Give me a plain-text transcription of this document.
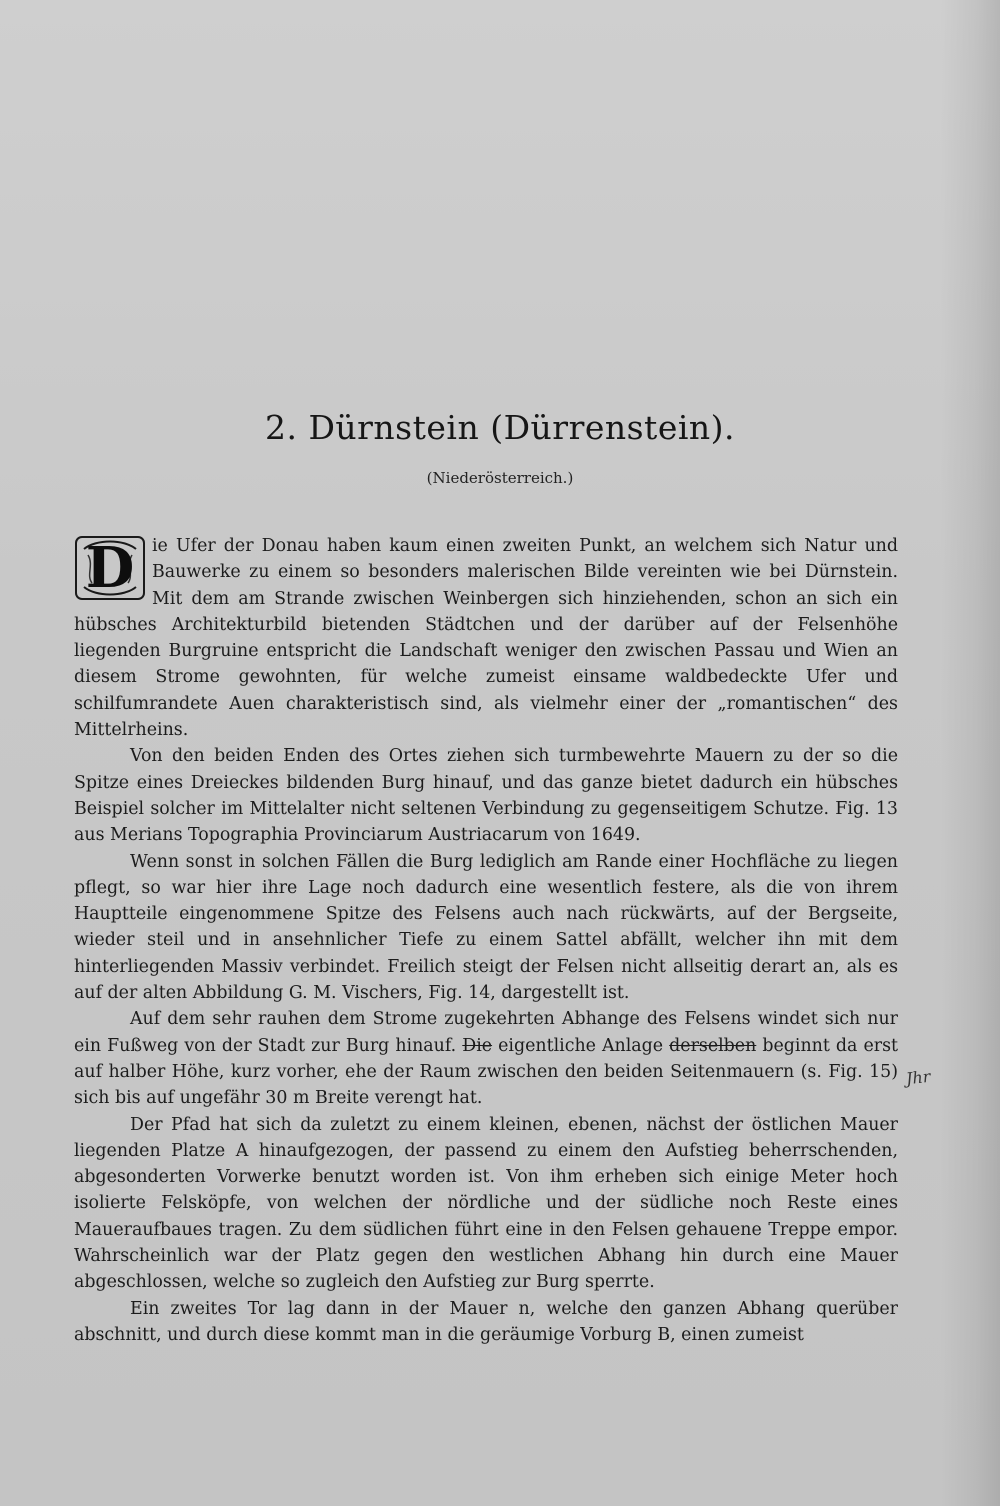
2. Dürnstein (Dürrenstein).
(Niederösterreich.)

D	ie Ufer der Donau haben kaum einen zweiten Punkt, an welchem sich Natur und Bauwerke zu einem so besonders malerischen Bilde vereinten wie bei Dürnstein. Mit dem am Strande zwischen Weinbergen sich hinziehenden, schon an sich ein hübsches Architekturbild bietenden Städtchen und der darüber auf der Felsenhöhe liegenden Burgruine entspricht die Landschaft weniger den zwischen Passau und Wien an diesem Strome gewohnten, für welche zumeist einsame waldbedeckte Ufer und schilfumrandete Auen charakteristisch sind, als vielmehr einer der „romantischen“ des Mittelrheins.

Von den beiden Enden des Ortes ziehen sich turmbewehrte Mauern zu der so die Spitze eines Dreieckes bildenden Burg hinauf, und das ganze bietet dadurch ein hübsches Beispiel solcher im Mittelalter nicht seltenen Verbindung zu gegenseitigem Schutze. Fig. 13 aus Merians Topographia Provinciarum Austriacarum von 1649.

Wenn sonst in solchen Fällen die Burg lediglich am Rande einer Hochfläche zu liegen pflegt, so war hier ihre Lage noch dadurch eine wesentlich festere, als die von ihrem Hauptteile eingenommene Spitze des Felsens auch nach rückwärts, auf der Bergseite, wieder steil und in ansehnlicher Tiefe zu einem Sattel abfällt, welcher ihn mit dem hinterliegenden Massiv verbindet. Freilich steigt der Felsen nicht allseitig derart an, als es auf der alten Abbildung G. M. Vischers, Fig. 14, dargestellt ist.

Auf dem sehr rauhen dem Strome zugekehrten Abhange des Felsens windet sich nur ein Fußweg von der Stadt zur Burg hinauf. Die eigentliche Anlage derselben beginnt da erst auf halber Höhe, kurz vorher, ehe der Raum zwischen den beiden Seitenmauern (s. Fig. 15) sich bis auf ungefähr 30 m Breite verengt hat.

Der Pfad hat sich da zuletzt zu einem kleinen, ebenen, nächst der östlichen Mauer liegenden Platze A hinaufgezogen, der passend zu einem den Aufstieg beherrschenden, abgesonderten Vorwerke benutzt worden ist. Von ihm erheben sich einige Meter hoch isolierte Felsköpfe, von welchen der nördliche und der südliche noch Reste eines Maueraufbaues tragen. Zu dem südlichen führt eine in den Felsen gehauene Treppe empor. Wahrscheinlich war der Platz gegen den westlichen Abhang hin durch eine Mauer abgeschlossen, welche so zugleich den Aufstieg zur Burg sperrte.

Ein zweites Tor lag dann in der Mauer n, welche den ganzen Abhang querüber abschnitt, und durch diese kommt man in die geräumige Vorburg B, einen zumeist

Jhr
